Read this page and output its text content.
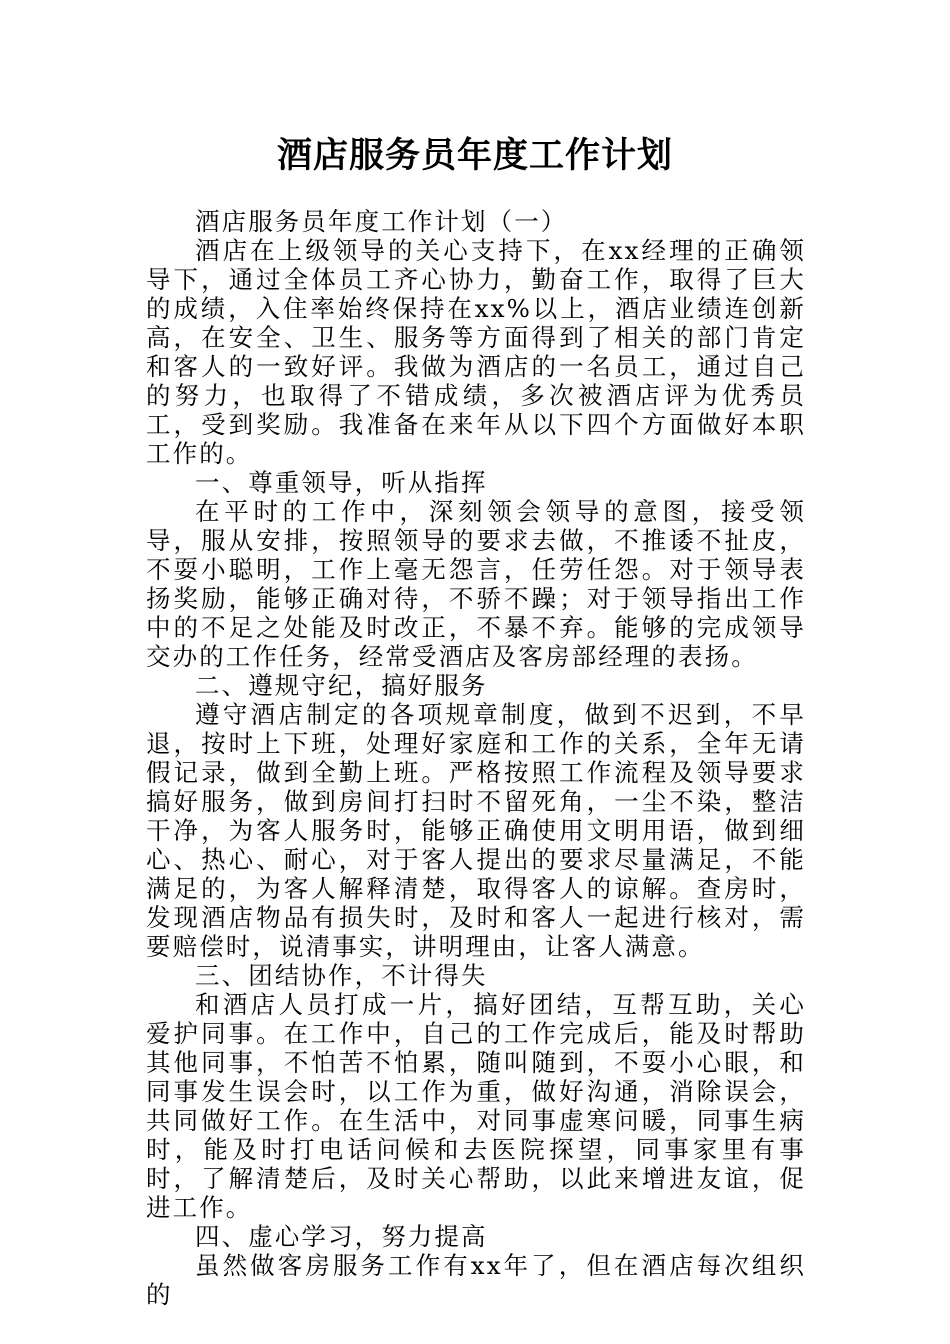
酒店服务员年度工作计划

酒店服务员年度工作计划（一）

酒店在上级领导的关心支持下，在xx经理的正确领导下，通过全体员工齐心协力，勤奋工作，取得了巨大的成绩，入住率始终保持在xx%以上，酒店业绩连创新高，在安全、卫生、服务等方面得到了相关的部门肯定和客人的一致好评。我做为酒店的一名员工，通过自己的努力，也取得了不错成绩，多次被酒店评为优秀员工，受到奖励。我准备在来年从以下四个方面做好本职工作的。

一、尊重领导，听从指挥

在平时的工作中，深刻领会领导的意图，接受领导，服从安排，按照领导的要求去做，不推诿不扯皮，不耍小聪明，工作上毫无怨言，任劳任怨。对于领导表扬奖励，能够正确对待，不骄不躁；对于领导指出工作中的不足之处能及时改正，不暴不弃。能够的完成领导交办的工作任务，经常受酒店及客房部经理的表扬。

二、遵规守纪，搞好服务

遵守酒店制定的各项规章制度，做到不迟到，不早退，按时上下班，处理好家庭和工作的关系，全年无请假记录，做到全勤上班。严格按照工作流程及领导要求搞好服务，做到房间打扫时不留死角，一尘不染，整洁干净，为客人服务时，能够正确使用文明用语，做到细心、热心、耐心，对于客人提出的要求尽量满足，不能满足的，为客人解释清楚，取得客人的谅解。查房时，发现酒店物品有损失时，及时和客人一起进行核对，需要赔偿时，说清事实，讲明理由，让客人满意。

三、团结协作，不计得失

和酒店人员打成一片，搞好团结，互帮互助，关心爱护同事。在工作中，自己的工作完成后，能及时帮助其他同事，不怕苦不怕累，随叫随到，不耍小心眼，和同事发生误会时，以工作为重，做好沟通，消除误会，共同做好工作。在生活中，对同事虚寒问暖，同事生病时，能及时打电话问候和去医院探望，同事家里有事时，了解清楚后，及时关心帮助，以此来增进友谊，促进工作。

四、虚心学习，努力提高

虽然做客房服务工作有xx年了，但在酒店每次组织的
